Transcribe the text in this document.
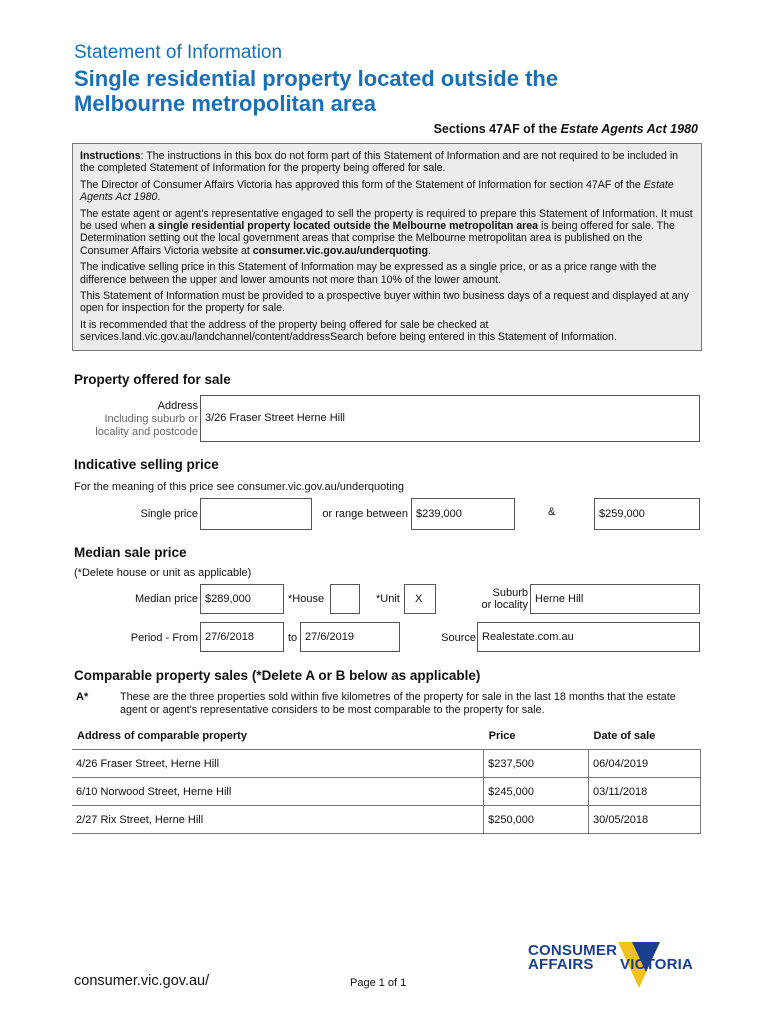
Statement of Information
Single residential property located outside the
Melbourne metropolitan area
Sections 47AF of the Estate Agents Act 1980

Instructions: The instructions in this box do not form part of this Statement of Information and are not required to be included in the completed Statement of Information for the property being offered for sale.

The Director of Consumer Affairs Victoria has approved this form of the Statement of Information for section 47AF of the Estate Agents Act 1980.

The estate agent or agent's representative engaged to sell the property is required to prepare this Statement of Information. It must be used when a single residential property located outside the Melbourne metropolitan area is being offered for sale. The Determination setting out the local government areas that comprise the Melbourne metropolitan area is published on the Consumer Affairs Victoria website at consumer.vic.gov.au/underquoting.

The indicative selling price in this Statement of Information may be expressed as a single price, or as a price range with the difference between the upper and lower amounts not more than 10% of the lower amount.

This Statement of Information must be provided to a prospective buyer within two business days of a request and displayed at any open for inspection for the property for sale.

It is recommended that the address of the property being offered for sale be checked at services.land.vic.gov.au/landchannel/content/addressSearch before being entered in this Statement of Information.

Property offered for sale
Address
Including suburb or
locality and postcode
3/26 Fraser Street Herne Hill
Indicative selling price
For the meaning of this price see consumer.vic.gov.au/underquoting
Single price	or range between $239,000	&	$259,000
Median sale price
(*Delete house or unit as applicable)
Median price $289,000	*House	*Unit	X	Suburb
or locality Herne Hill
Period - From 27/6/2018	to 27/6/2019	Source Realestate.com.au
Comparable property sales (*Delete A or B below as applicable)
A*	These are the three properties sold within five kilometres of the property for sale in the last 18 months that the estate agent or agent's representative considers to be most comparable to the property for sale.
Address of comparable property	Price	Date of sale
4/26 Fraser Street, Herne Hill	$237,500	06/04/2019
6/10 Norwood Street, Herne Hill	$245,000	03/11/2018
2/27 Rix Street, Herne Hill	$250,000	30/05/2018
CONSUMER
AFFAIRS VICTORIA
consumer.vic.gov.au/	Page 1 of 1
